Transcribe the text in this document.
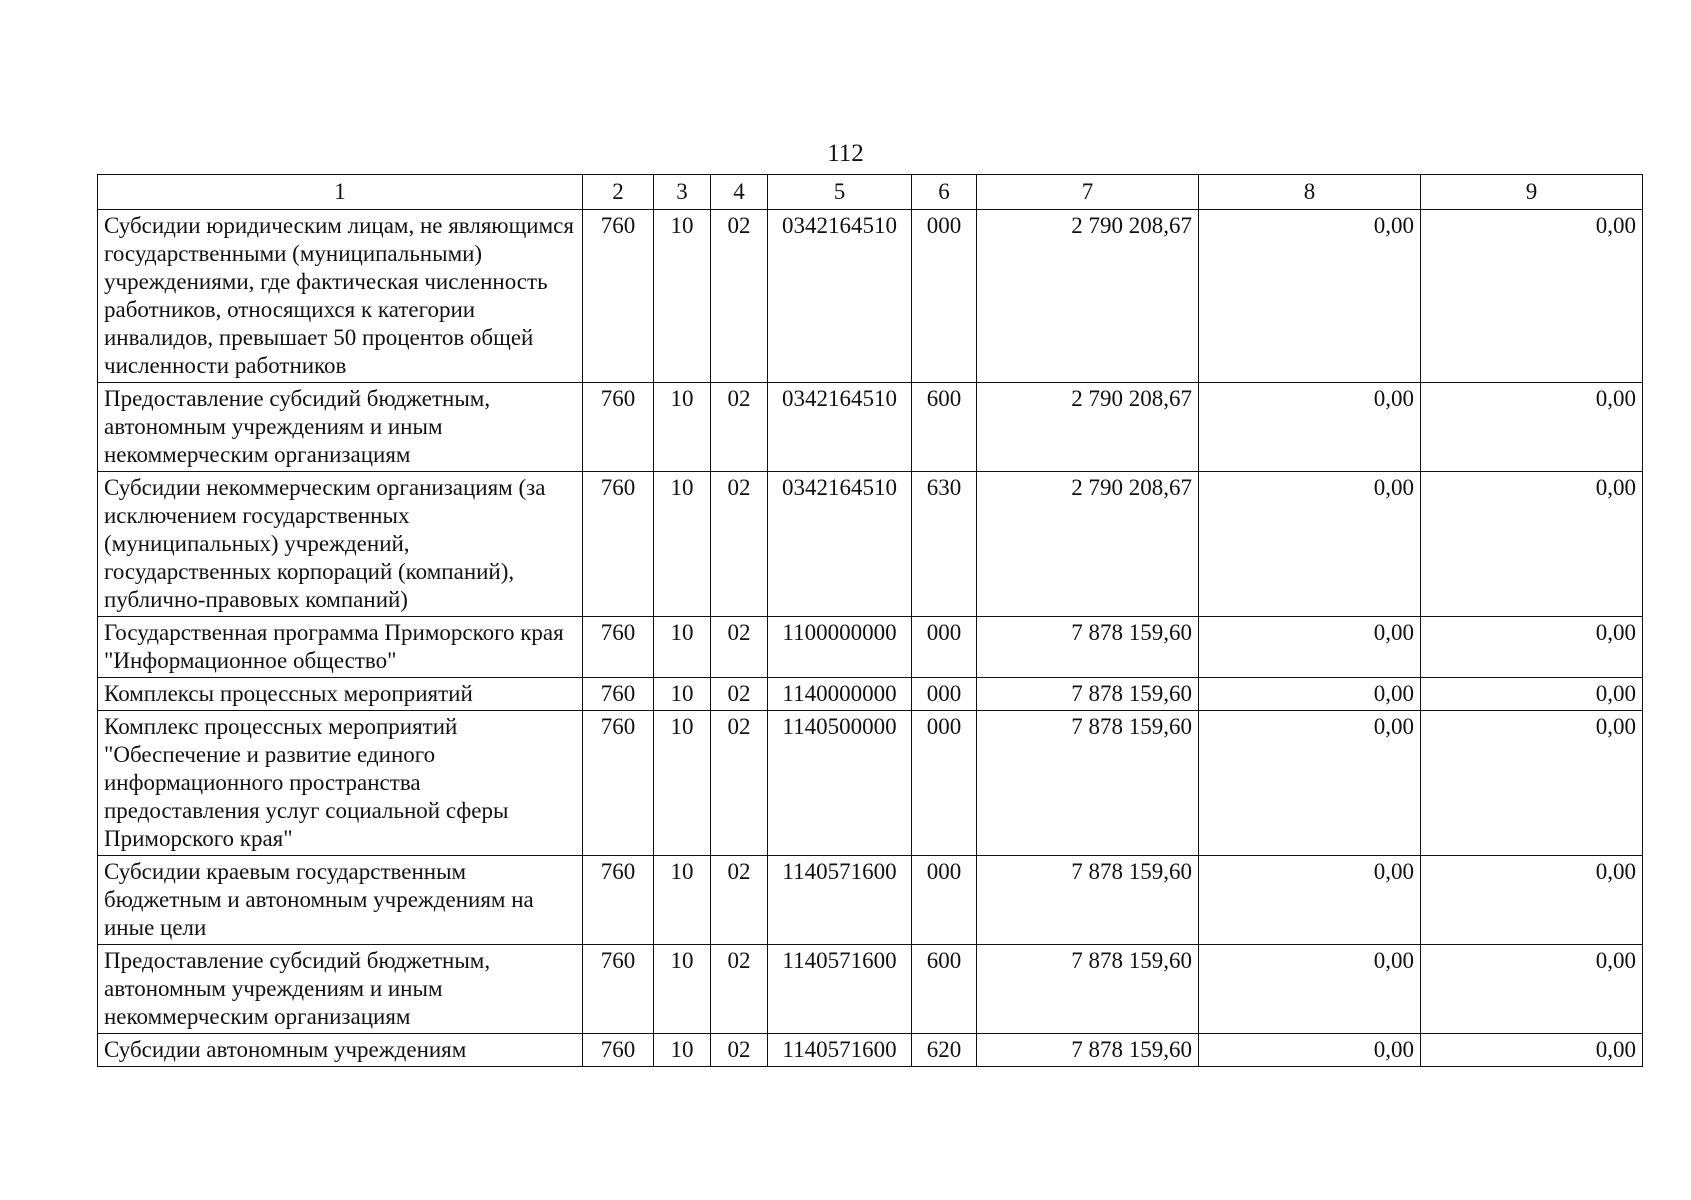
112
1	2	3	4	5	6	7	8	9
Субсидии юридическим лицам, не являющимся государственными (муниципальными) учреждениями, где фактическая численность работников, относящихся к категории инвалидов, превышает 50 процентов общей численности работников	760	10	02	0342164510	000	2 790 208,67	0,00	0,00
Предоставление субсидий бюджетным, автономным учреждениям и иным некоммерческим организациям	760	10	02	0342164510	600	2 790 208,67	0,00	0,00
Субсидии некоммерческим организациям (за исключением государственных (муниципальных) учреждений, государственных корпораций (компаний), публично-правовых компаний)	760	10	02	0342164510	630	2 790 208,67	0,00	0,00
Государственная программа Приморского края "Информационное общество"	760	10	02	1100000000	000	7 878 159,60	0,00	0,00
Комплексы процессных мероприятий	760	10	02	1140000000	000	7 878 159,60	0,00	0,00
Комплекс процессных мероприятий "Обеспечение и развитие единого информационного пространства предоставления услуг социальной сферы Приморского края"	760	10	02	1140500000	000	7 878 159,60	0,00	0,00
Субсидии краевым государственным бюджетным и автономным учреждениям на иные цели	760	10	02	1140571600	000	7 878 159,60	0,00	0,00
Предоставление субсидий бюджетным, автономным учреждениям и иным некоммерческим организациям	760	10	02	1140571600	600	7 878 159,60	0,00	0,00
Субсидии автономным учреждениям	760	10	02	1140571600	620	7 878 159,60	0,00	0,00
